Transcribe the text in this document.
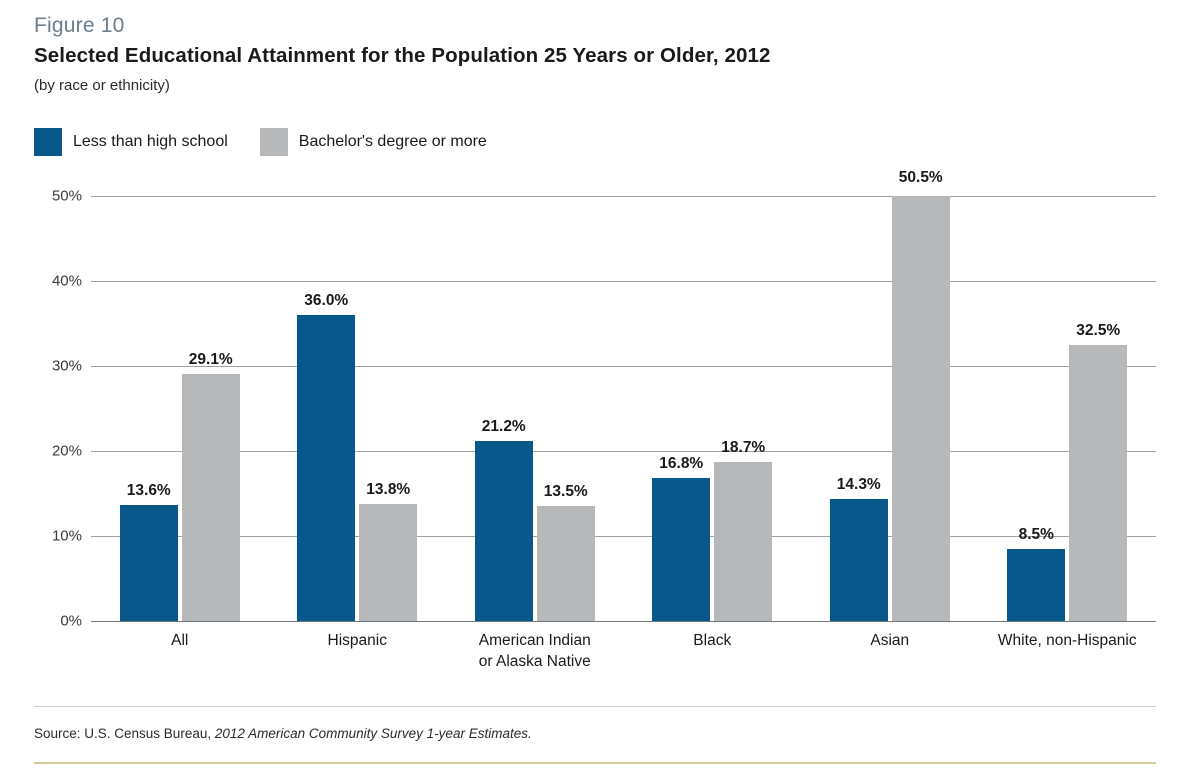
Figure 10
Selected Educational Attainment for the Population 25 Years or Older, 2012
(by race or ethnicity)
Less than high school	Bachelor's degree or more
0%
10%
20%
30%
40%
50%
13.6%
29.1%
36.0%
13.8%
21.2%
13.5%
16.8%
18.7%
14.3%
50.5%
8.5%
32.5%
All	Hispanic	American Indian
or Alaska Native
Black	Asian	White, non-Hispanic
Source: U.S. Census Bureau, 2012 American Community Survey 1-year Estimates.
